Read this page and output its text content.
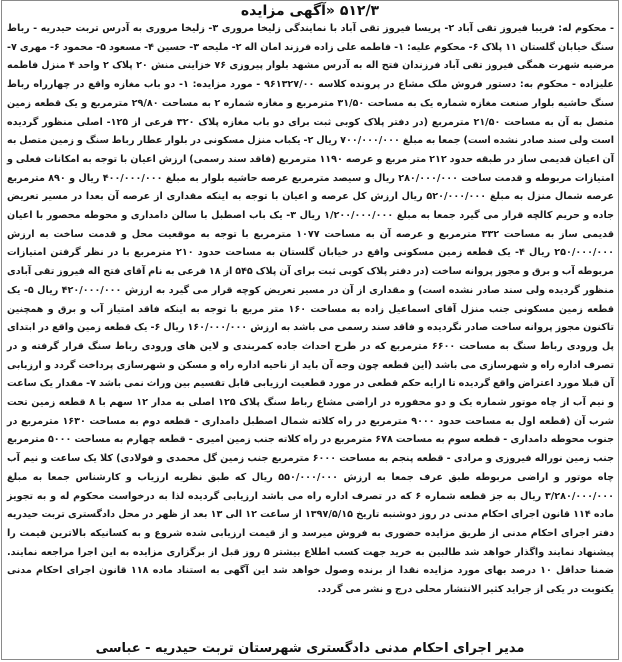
۵۱۲/۳ «آگهی مزایده

- محکوم له: فریبا فیروز تقی آباد ۲- پریسا فیروز تقی آباد با نمایندگی زلیخا مروری ۳- زلیخا مروری به آدرس تربت حیدریه - رباط سنگ خیابان گلستان ۱۱ پلاک ۶- محکوم علیه: ۱- فاطمه علی زاده فرزند امان اله ۲- ملیحه ۳- حسین ۴- مسعود ۵- محمود ۶- مهری ۷- مرضیه شهرت همگی فیروز تقی آباد فرزندان فتح اله به آدرس مشهد بلوار پیروزی ۷۶ خزاینی منش ۲۰ پلاک ۲ واحد ۴ منزل فاطمه علیزاده - محکوم به: دستور فروش ملک مشاع در پرونده کلاسه ۹۶۱۳۲۷/۰۰ - مورد مزایده: ۱- دو باب مغازه واقع در چهارراه رباط سنگ حاشیه بلوار صنعت مغازه شماره یک به مساحت ۳۱/۵۰ مترمربع و مغازه شماره ۲ به مساحت ۲۹/۸۰ مترمربع و یک قطعه زمین متصل به آن به مساحت ۲۱/۵۰ مترمربع (در دفتر پلاک کوبی ثبت برای دو باب مغازه پلاک ۳۲۰ فرعی از ۱۲۵- اصلی منظور گردیده است ولی سند صادر نشده است) جمعا به مبلغ ۷۰۰/۰۰۰/۰۰۰ ریال ۲- یکباب منزل مسکونی در بلوار عطار رباط سنگ و زمین متصل به آن اعیان قدیمی ساز در طبقه حدود ۲۱۲ متر مربع و عرصه ۱۱۹۰ مترمربع (فاقد سند رسمی) ارزش اعیان با توجه به امکانات فعلی و امتیازات مربوطه و قدمت ساخت ۲۸۰/۰۰۰/۰۰۰ ریال و سیصد مترمربع عرصه حاشیه بلوار به مبلغ ۴۰۰/۰۰۰/۰۰۰ ریال و ۸۹۰ مترمربع عرصه شمال منزل به مبلغ ۵۲۰/۰۰۰/۰۰۰ ریال ارزش کل عرصه و اعیان با توجه به اینکه مقداری از عرصه آن بعدا در مسیر تعریض جاده و حریم کالچه قرار می گیرد جمعا به مبلغ ۱/۲۰۰/۰۰۰/۰۰۰ ریال ۳- یک باب اصطبل با سالن دامداری و محوطه محصور با اعیان قدیمی ساز به مساحت ۳۳۲ مترمربع و عرصه آن به مساحت ۱۰۷۷ مترمربع با توجه به موقعیت محل و قدمت ساخت به ارزش ۲۵۰/۰۰۰/۰۰۰ ریال ۴- یک قطعه زمین مسکونی واقع در خیابان گلستان به مساحت حدود ۲۱۰ مترمربع با در نظر گرفتن امتیازات مربوطه آب و برق و مجوز پروانه ساخت (در دفتر پلاک کوبی ثبت برای آن پلاک ۵۴۵ از ۱۸ فرعی به نام آقای فتح اله فیروز تقی آبادی منظور گردیده ولی سند صادر نشده است) و مقداری از آن در مسیر تعریض کوچه قرار می گیرد به ارزش ۴۲۰/۰۰۰/۰۰۰ ریال ۵- یک قطعه زمین مسکونی جنب منزل آقای اسماعیل زاده به مساحت ۱۶۰ متر مربع با توجه به اینکه فاقد امتیاز آب و برق و همچنین تاکنون مجوز پروانه ساخت صادر نگردیده و فاقد سند رسمی می باشد به ارزش ۱۶۰/۰۰۰/۰۰۰ ریال ۶- یک قطعه زمین واقع در ابتدای پل ورودی رباط سنگ به مساحت ۶۶۰۰ مترمربع که در طرح احداث جاده کمربندی و لاین های ورودی رباط سنگ قرار گرفته و در تصرف اداره راه و شهرسازی می باشد (این قطعه چون وجه آن باید از ناحیه اداره راه و مسکن و شهرسازی پرداخت گردد و ارزیابی آن قبلا مورد اعتراض واقع گردیده تا ارایه حکم قطعی در مورد قطعیت ارزیابی قابل تقسیم بین وراث نمی باشد ۷- مقدار یک ساعت و نیم آب از چاه موتور شماره یک و دو محفوره در اراضی مشاع رباط سنگ پلاک ۱۲۵ اصلی به مدار ۱۲ سهم با ۸ قطعه زمین تحت شرب آن (قطعه اول به مساحت حدود ۹۰۰۰ مترمربع در راه کلاته شمال اصطبل دامداری - قطعه دوم به مساحت ۱۶۳۰ مترمربع در جنوب محوطه دامداری - قطعه سوم به مساحت ۶۷۸ مترمربع در راه کلاته جنب زمین امیری - قطعه چهارم به مساحت ۵۰۰۰ مترمربع جنب زمین نوراله فیروزی و مرادی - قطعه پنجم به مساحت ۶۰۰۰ مترمربع جنب زمین گل محمدی و فولادی) کلا یک ساعت و نیم آب چاه موتور و اراضی مربوطه طبق عرف جمعا به ارزش ۵۵۰/۰۰۰/۰۰۰ ریال که طبق نظریه ارزیاب و کارشناس جمعا به مبلغ ۳/۲۸۰/۰۰۰/۰۰۰ ریال به جز قطعه شماره ۶ که در تصرف اداره راه می باشد ارزیابی گردیده لذا به درخواست محکوم له و به تجویز ماده ۱۱۴ قانون اجرای احکام مدنی در روز دوشنبه تاریخ ۱۳۹۷/۵/۱۵ از ساعت ۱۲ الی ۱۳ بعد از ظهر در محل دادگستری تربت حیدریه دفتر اجرای احکام مدنی از طریق مزایده حضوری به فروش میرسد و از قیمت ارزیابی شده شروع و به کسانیکه بالاترین قیمت را پیشنهاد نمایند واگذار خواهد شد طالبین به خرید جهت کسب اطلاع بیشتر ۵ روز قبل از برگزاری مزایده به این اجرا مراجعه نمایند. ضمنا حداقل ۱۰ درصد بهای مورد مزایده نقدا از برنده وصول خواهد شد این آگهی به استناد ماده ۱۱۸ قانون اجرای احکام مدنی یکنوبت در یکی از جراید کثیر الانتشار محلی درج و نشر می گردد.

مدیر اجرای احکام مدنی دادگستری شهرستان تربت حیدریه - عباسی
